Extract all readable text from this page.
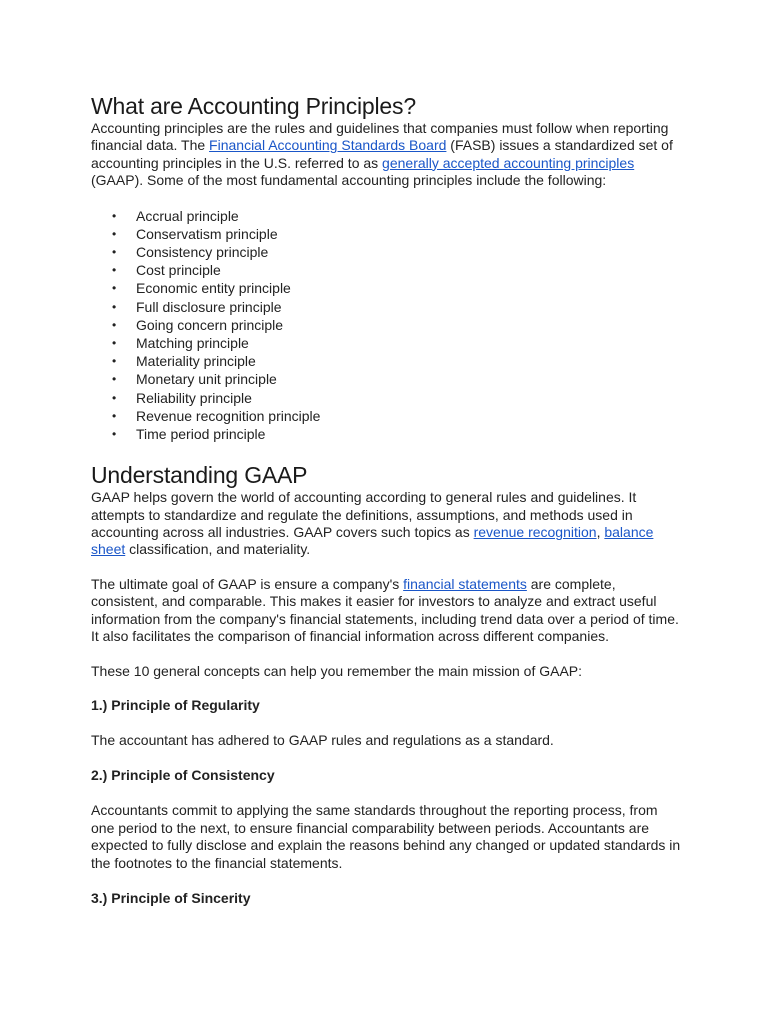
What are Accounting Principles?

Accounting principles are the rules and guidelines that companies must follow when reporting financial data. The Financial Accounting Standards Board (FASB) issues a standardized set of accounting principles in the U.S. referred to as generally accepted accounting principles (GAAP). Some of the most fundamental accounting principles include the following:

• Accrual principle
• Conservatism principle
• Consistency principle
• Cost principle
• Economic entity principle
• Full disclosure principle
• Going concern principle
• Matching principle
• Materiality principle
• Monetary unit principle
• Reliability principle
• Revenue recognition principle
• Time period principle
Understanding GAAP

GAAP helps govern the world of accounting according to general rules and guidelines. It attempts to standardize and regulate the definitions, assumptions, and methods used in accounting across all industries. GAAP covers such topics as revenue recognition, balance sheet classification, and materiality.

The ultimate goal of GAAP is ensure a company's financial statements are complete, consistent, and comparable. This makes it easier for investors to analyze and extract useful information from the company's financial statements, including trend data over a period of time. It also facilitates the comparison of financial information across different companies.

These 10 general concepts can help you remember the main mission of GAAP:

1.) Principle of Regularity

The accountant has adhered to GAAP rules and regulations as a standard.

2.) Principle of Consistency

Accountants commit to applying the same standards throughout the reporting process, from one period to the next, to ensure financial comparability between periods. Accountants are expected to fully disclose and explain the reasons behind any changed or updated standards in the footnotes to the financial statements.

3.) Principle of Sincerity
